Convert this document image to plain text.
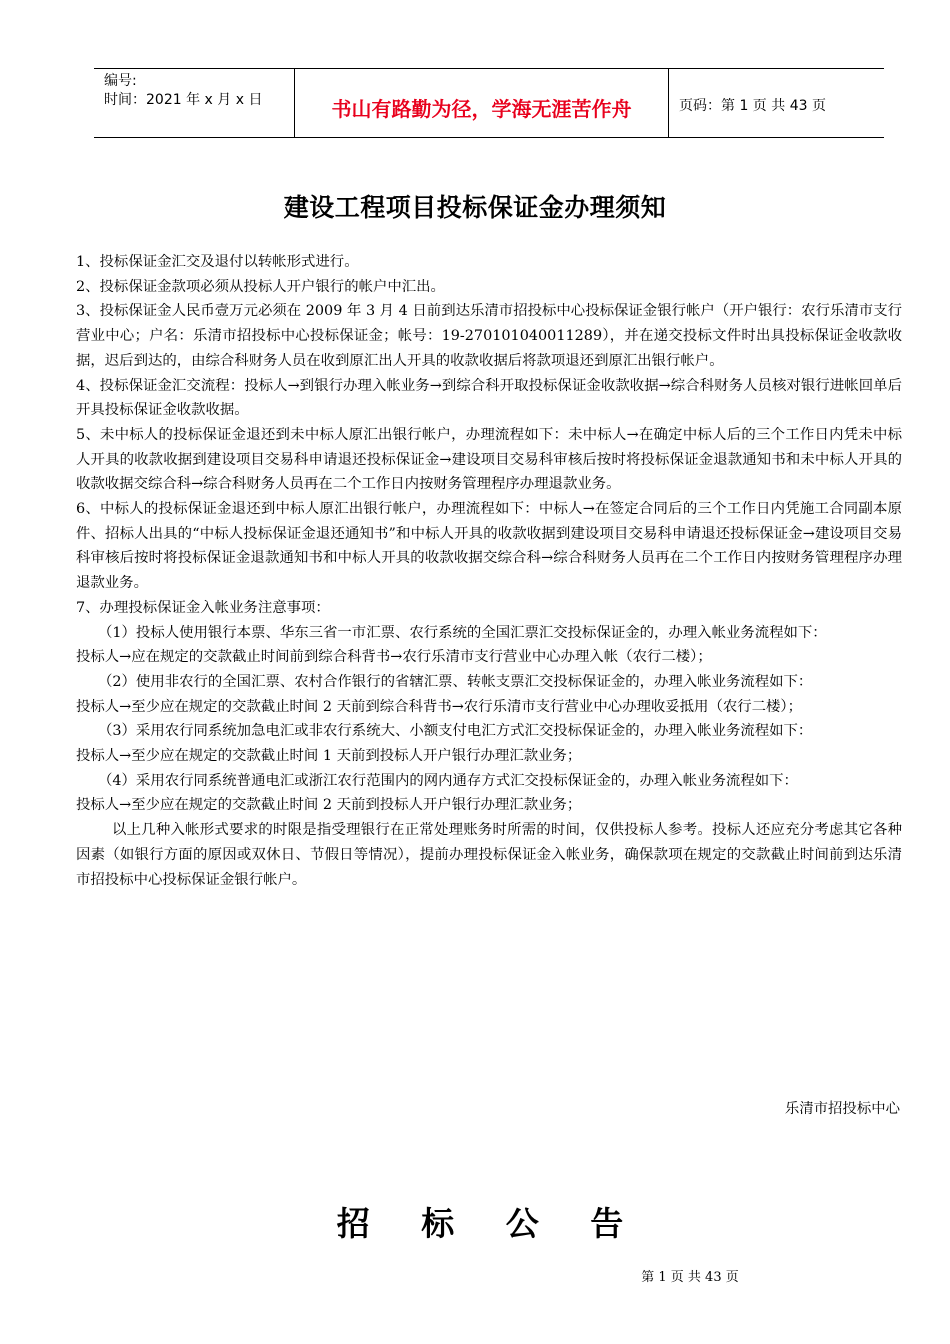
编号:
时间：2021 年 x 月 x 日	书山有路勤为径，学海无涯苦作舟	页码：第 1 页 共 43 页
建设工程项目投标保证金办理须知

1、投标保证金汇交及退付以转帐形式进行。

2、投标保证金款项必须从投标人开户银行的帐户中汇出。

3、投标保证金人民币壹万元必须在 2009 年 3 月 4 日前到达乐清市招投标中心投标保证金银行帐户（开户银行：农行乐清市支行营业中心；户名：乐清市招投标中心投标保证金；帐号：19-270101040011289），并在递交投标文件时出具投标保证金收款收据，迟后到达的，由综合科财务人员在收到原汇出人开具的收款收据后将款项退还到原汇出银行帐户。

4、投标保证金汇交流程：投标人→到银行办理入帐业务→到综合科开取投标保证金收款收据→综合科财务人员核对银行进帐回单后开具投标保证金收款收据。

5、未中标人的投标保证金退还到未中标人原汇出银行帐户，办理流程如下：未中标人→在确定中标人后的三个工作日内凭未中标人开具的收款收据到建设项目交易科申请退还投标保证金→建设项目交易科审核后按时将投标保证金退款通知书和未中标人开具的收款收据交综合科→综合科财务人员再在二个工作日内按财务管理程序办理退款业务。

6、中标人的投标保证金退还到中标人原汇出银行帐户，办理流程如下：中标人→在签定合同后的三个工作日内凭施工合同副本原件、招标人出具的“中标人投标保证金退还通知书”和中标人开具的收款收据到建设项目交易科申请退还投标保证金→建设项目交易科审核后按时将投标保证金退款通知书和中标人开具的收款收据交综合科→综合科财务人员再在二个工作日内按财务管理程序办理退款业务。

7、办理投标保证金入帐业务注意事项：

（1）投标人使用银行本票、华东三省一市汇票、农行系统的全国汇票汇交投标保证金的，办理入帐业务流程如下：

投标人→应在规定的交款截止时间前到综合科背书→农行乐清市支行营业中心办理入帐（农行二楼）；

（2）使用非农行的全国汇票、农村合作银行的省辖汇票、转帐支票汇交投标保证金的，办理入帐业务流程如下：

投标人→至少应在规定的交款截止时间 2 天前到综合科背书→农行乐清市支行营业中心办理收妥抵用（农行二楼）；

（3）采用农行同系统加急电汇或非农行系统大、小额支付电汇方式汇交投标保证金的，办理入帐业务流程如下：

投标人→至少应在规定的交款截止时间 1 天前到投标人开户银行办理汇款业务；

（4）采用农行同系统普通电汇或浙江农行范围内的网内通存方式汇交投标保证金的，办理入帐业务流程如下：

投标人→至少应在规定的交款截止时间 2 天前到投标人开户银行办理汇款业务；

以上几种入帐形式要求的时限是指受理银行在正常处理账务时所需的时间，仅供投标人参考。投标人还应充分考虑其它各种因素（如银行方面的原因或双休日、节假日等情况），提前办理投标保证金入帐业务，确保款项在规定的交款截止时间前到达乐清市招投标中心投标保证金银行帐户。

乐清市招投标中心
招 标 公 告
第 1 页 共 43 页
